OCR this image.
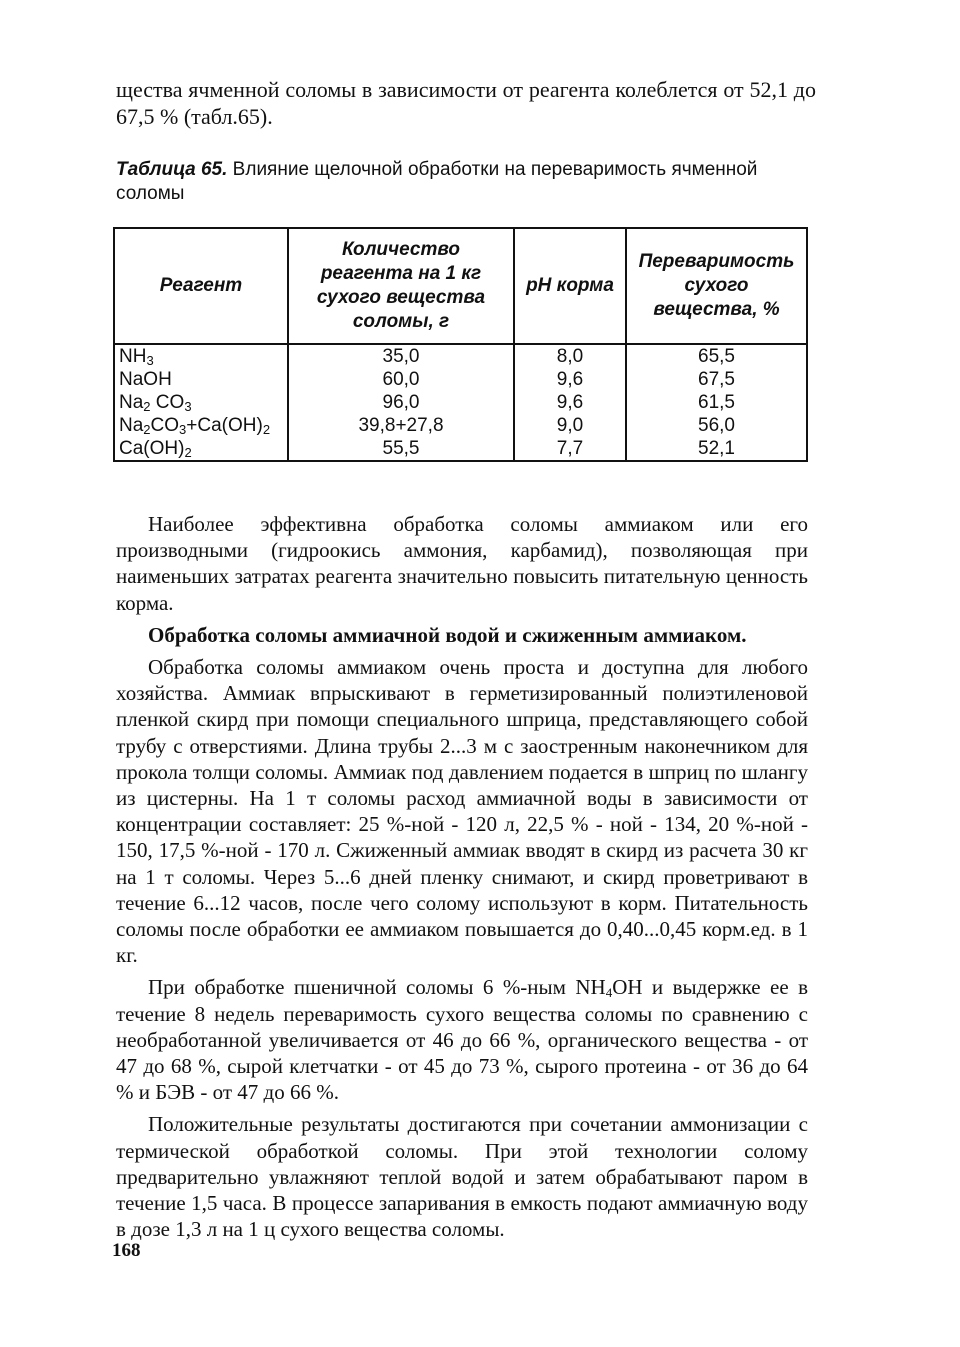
щества ячменной соломы в зависимости от реагента колеблется от 52,1 до 67,5 % (табл.65).
Таблица 65. Влияние щелочной обработки на переваримость ячменной соломы
Реагент	Количество реагента на 1 кг сухого вещества соломы, г	pH корма	Переваримость сухого вещества, %
$NH_3$	35,0	8,0	65,5
NaOH	60,0	9,6	67,5
$Na_2$ $CO_3$	96,0	9,6	61,5
$Na_2CO_3+Ca(OH)_2$	39,8+27,8	9,0	56,0
$Ca(OH)_2$	55,5	7,7	52,1

Наиболее эффективна обработка соломы аммиаком или его производными (гидроокись аммония, карбамид), позволяющая при наименьших затратах реагента значительно повысить питательную ценность корма.

Обработка соломы аммиачной водой и сжиженным аммиаком.

Обработка соломы аммиаком очень проста и доступна для любого хозяйства. Аммиак впрыскивают в герметизированный полиэтиленовой пленкой скирд при помощи специального шприца, представляющего собой трубу с отверстиями. Длина трубы 2...3 м с заостренным наконечником для прокола толщи соломы. Аммиак под давлением подается в шприц по шлангу из цистерны. На 1 т соломы расход аммиачной воды в зависимости от концентрации составляет: 25 %-ной - 120 л, 22,5 % - ной - 134, 20 %-ной - 150, 17,5 %-ной - 170 л. Сжиженный аммиак вводят в скирд из расчета 30 кг на 1 т соломы. Через 5...6 дней пленку снимают, и скирд проветривают в течение 6...12 часов, после чего солому используют в корм. Питательность соломы после обработки ее аммиаком повышается до 0,40...0,45 корм.ед. в 1 кг.

При обработке пшеничной соломы 6 %-ным $NH_4OH$ и выдержке ее в течение 8 недель переваримость сухого вещества соломы по сравнению с необработанной увеличивается от 46 до 66 %, органического вещества - от 47 до 68 %, сырой клетчатки - от 45 до 73 %, сырого протеина - от 36 до 64 % и БЭВ - от 47 до 66 %.

Положительные результаты достигаются при сочетании аммонизации с термической обработкой соломы. При этой технологии солому предварительно увлажняют теплой водой и затем обрабатывают паром в течение 1,5 часа. В процессе запаривания в емкость подают аммиачную воду в дозе 1,3 л на 1 ц сухого вещества соломы.

168
